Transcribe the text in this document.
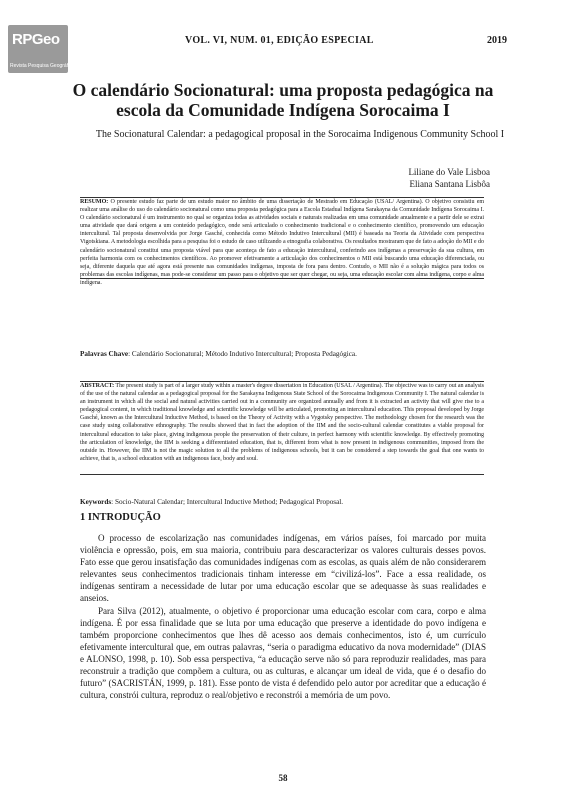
RPGeo
Revista Pesquisa Geográfica
VOL. VI, NUM. 01, EDIÇÃO ESPECIAL	2019
O calendário Socionatural: uma proposta pedagógica na escola da Comunidade Indígena Sorocaima I
The Socionatural Calendar: a pedagogical proposal in the Sorocaima Indigenous Community School I
Liliane do Vale Lisboa
Eliana Santana Lisbôa

RESUMO: O presente estudo faz parte de um estudo maior no âmbito de uma dissertação de Mestrado em Educação (USAL/ Argentina). O objetivo consistiu em realizar uma análise do uso do calendário socionatural como uma proposta pedagógica para a Escola Estadual Indígena Sarakayna da Comunidade Indígena Sorocaima I. O calendário socionatural é um instrumento no qual se organiza todas as atividades sociais e naturais realizadas em uma comunidade anualmente e a partir dele se extrai uma atividade que dará origem a um conteúdo pedagógico, onde será articulado o conhecimento tradicional e o conhecimento científico, promovendo um educação intercultural. Tal proposta desenvolvida por Jorge Gasché, conhecida como Método Indutivo Intercultural (MII) é baseada na Teoria da Atividade com perspectiva Vigotskiana. A metodologia escolhida para a pesquisa foi o estudo de caso utilizando a etnografia colaborativa. Os resultados mostraram que de fato a adoção do MII e do calendário socionatural constitui uma proposta viável para que aconteça de fato a educação intercultural, conferindo aos indígenas a preservação da sua cultura, em perfeita harmonia com os conhecimentos científicos. Ao promover efetivamente a articulação dos conhecimentos o MII está buscando uma educação diferenciada, ou seja, diferente daquela que até agora está presente nas comunidades indígenas, imposta de fora para dentro. Contudo, o MII não é a solução mágica para todos os problemas das escolas indígenas, mas pode-se considerar um passo para o objetivo que ser quer chegar, ou seja, uma educação escolar com alma indígena, corpo e alma indígena.

Palavras Chave: Calendário Socionatural; Método Indutivo Intercultural; Proposta Pedagógica.

ABSTRACT: The present study is part of a larger study within a master's degree dissertation in Education (USAL / Argentina). The objective was to carry out an analysis of the use of the natural calendar as a pedagogical proposal for the Sarakayna Indigenous State School of the Sorocaima Indigenous Community I. The natural calendar is an instrument in which all the social and natural activities carried out in a community are organized annually and from it is extracted an activity that will give rise to a pedagogical content, in which traditional knowledge and scientific knowledge will be articulated, promoting an intercultural education. This proposal developed by Jorge Gasché, known as the Intercultural Inductive Method, is based on the Theory of Activity with a Vygotsky perspective. The methodology chosen for the research was the case study using collaborative ethnography. The results showed that in fact the adoption of the IIM and the socio-cultural calendar constitutes a viable proposal for intercultural education to take place, giving indigenous people the preservation of their culture, in perfect harmony with scientific knowledge. By effectively promoting the articulation of knowledge, the IIM is seeking a differentiated education, that is, different from what is now present in indigenous communities, imposed from the outside in. However, the IIM is not the magic solution to all the problems of indigenous schools, but it can be considered a step towards the goal that one wants to achieve, that is, a school education with an indigenous face, body and soul.

Keywords: Socio-Natural Calendar; Intercultural Inductive Method; Pedagogical Proposal.
1 INTRODUÇÃO

O processo de escolarização nas comunidades indígenas, em vários países, foi marcado por muita violência e opressão, pois, em sua maioria, contribuiu para descaracterizar os valores culturais desses povos. Fato esse que gerou insatisfação das comunidades indígenas com as escolas, as quais além de não considerarem relevantes seus conhecimentos tradicionais tinham interesse em “civilizá-los”. Face a essa realidade, os indígenas sentiram a necessidade de lutar por uma educação escolar que se adequasse às suas realidades e anseios.

Para Silva (2012), atualmente, o objetivo é proporcionar uma educação escolar com cara, corpo e alma indígena. É por essa finalidade que se luta por uma educação que preserve a identidade do povo indígena e também proporcione conhecimentos que lhes dê acesso aos demais conhecimentos, isto é, um currículo efetivamente intercultural que, em outras palavras, “seria o paradigma educativo da nova modernidade” (DIAS e ALONSO, 1998, p. 10). Sob essa perspectiva, “a educação serve não só para reproduzir realidades, mas para reconstruir a tradição que compõem a cultura, ou as culturas, e alcançar um ideal de vida, que é o desafio do futuro” (SACRISTÁN, 1999, p. 181). Esse ponto de vista é defendido pelo autor por acreditar que a educação é cultura, constrói cultura, reproduz o real/objetivo e reconstrói a memória de um povo.

58
